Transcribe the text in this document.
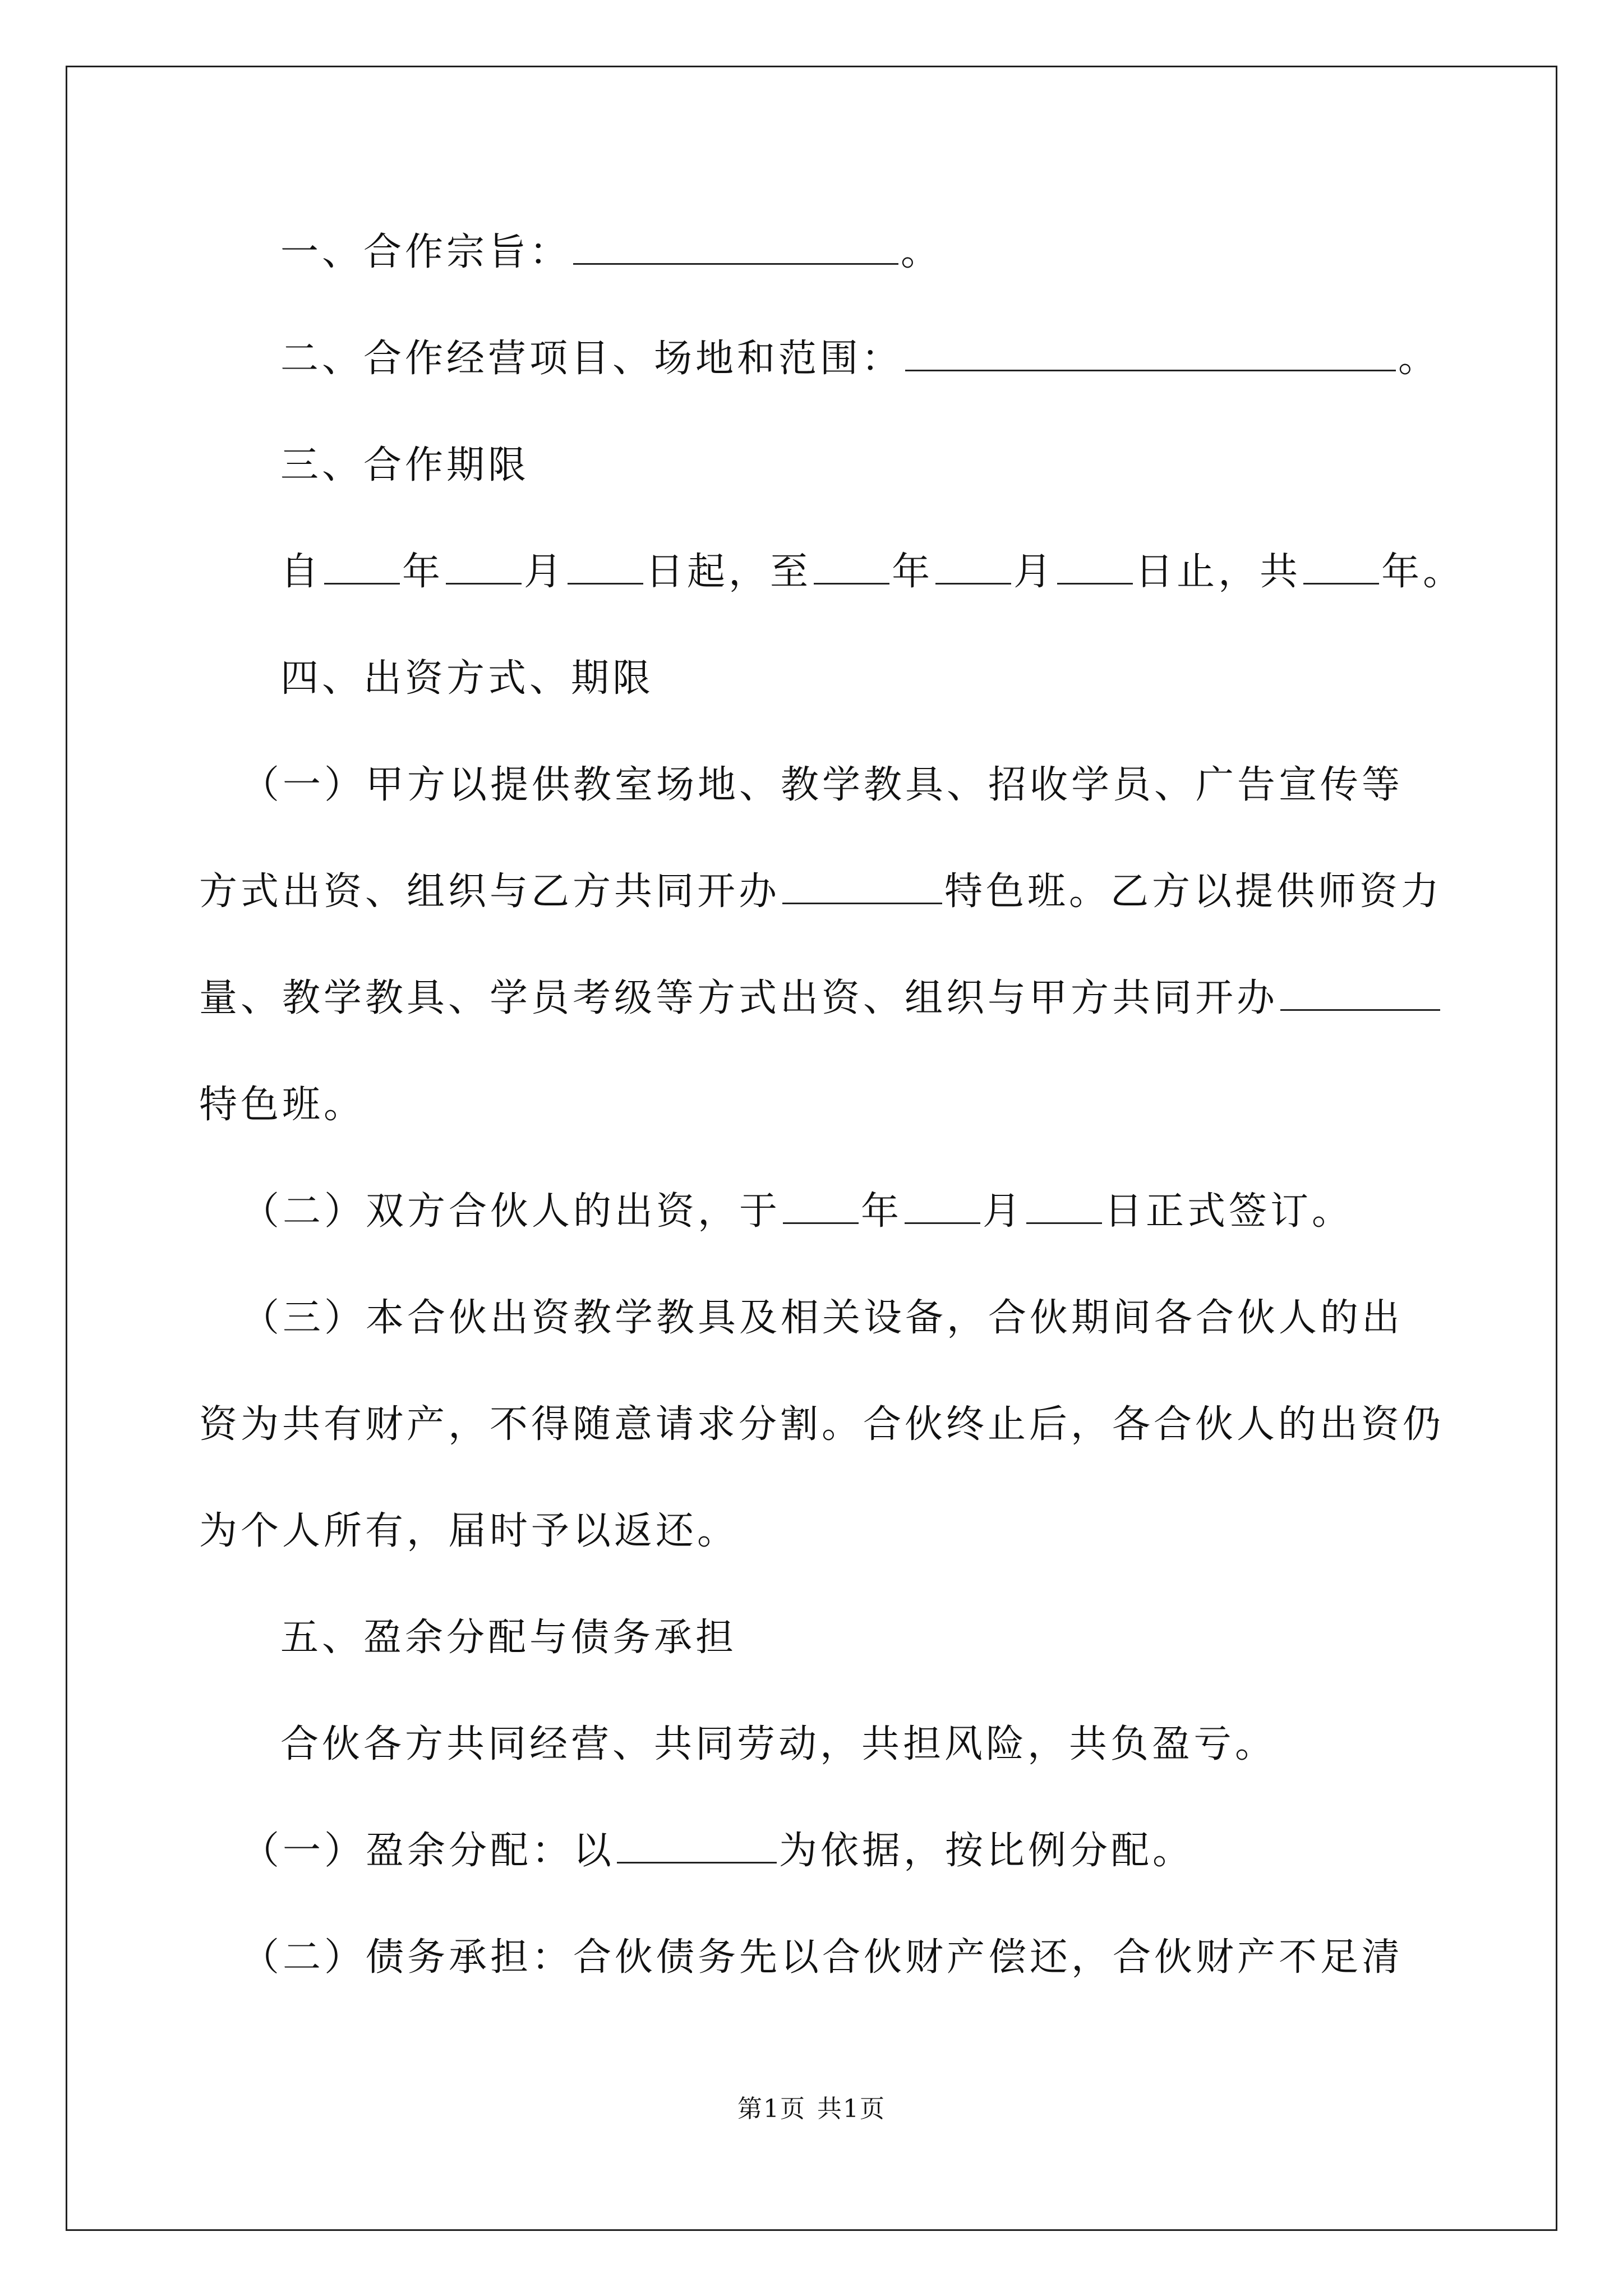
一、合作宗旨：	。
二、合作经营项目、场地和范围：	。
三、合作期限
自 年 月 日起，至 年 月 日止，共 年。
四、出资方式、期限
（一）甲方以提供教室场地、教学教具、招收学员、广告宣传等
方式出资、组织与乙方共同开办	特色班。乙方以提供师资力
量、教学教具、学员考级等方式出资、组织与甲方共同开办
特色班。
（二）双方合伙人的出资，于 年 月 日正式签订。
（三）本合伙出资教学教具及相关设备，合伙期间各合伙人的出
资为共有财产，不得随意请求分割。合伙终止后，各合伙人的出资仍
为个人所有，届时予以返还。
五、盈余分配与债务承担
合伙各方共同经营、共同劳动，共担风险，共负盈亏。
（一）盈余分配：以	为依据，按比例分配。
（二）债务承担：合伙债务先以合伙财产偿还，合伙财产不足清
第1页 共1页
